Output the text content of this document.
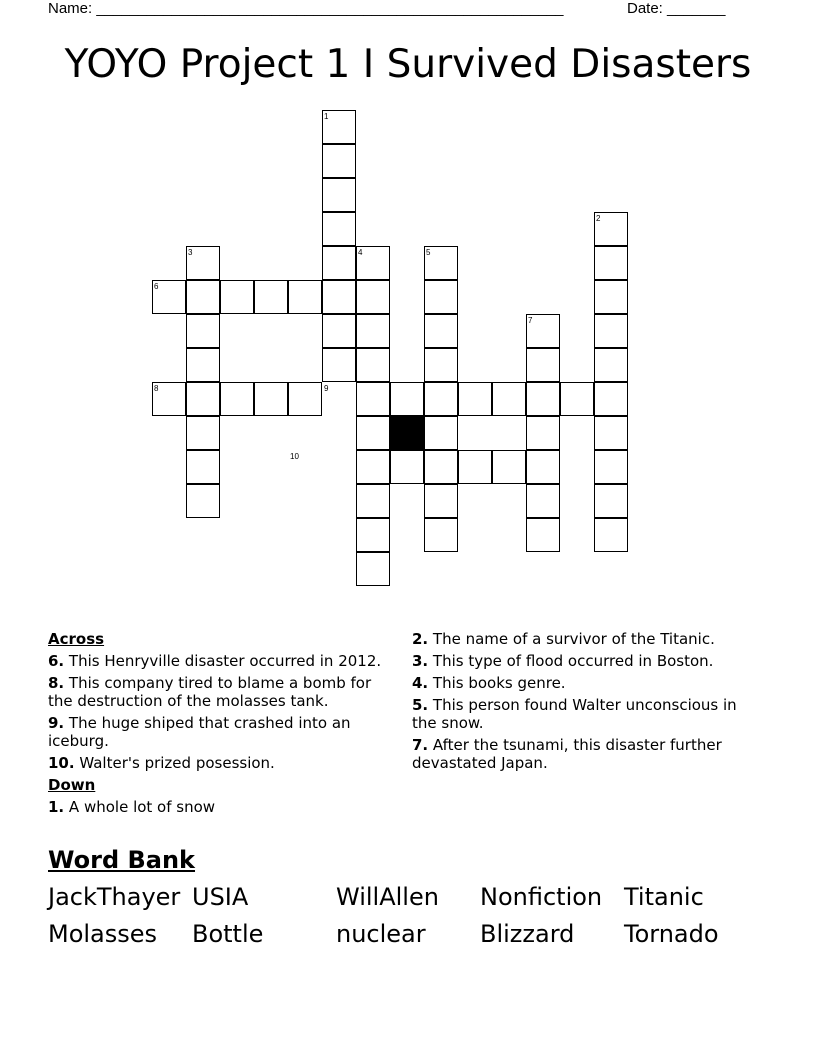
Name: ________________________________________________________	Date: _______
YOYO Project 1 I Survived Disasters
1
2
3	4	5
6
7
8	9
10
Across
6. This Henryville disaster occurred in 2012.
8. This company tired to blame a bomb for the destruction of the molasses tank.
9. The huge shiped that crashed into an iceburg.
10. Walter's prized posession.
Down
1. A whole lot of snow
2. The name of a survivor of the Titanic.
3. This type of flood occurred in Boston.
4. This books genre.
5. This person found Walter unconscious in the snow.
7. After the tsunami, this disaster further devastated Japan.
Word Bank
JackThayer USIA	WillAllen Nonfiction Titanic
Molasses Bottle	nuclear Blizzard Tornado
